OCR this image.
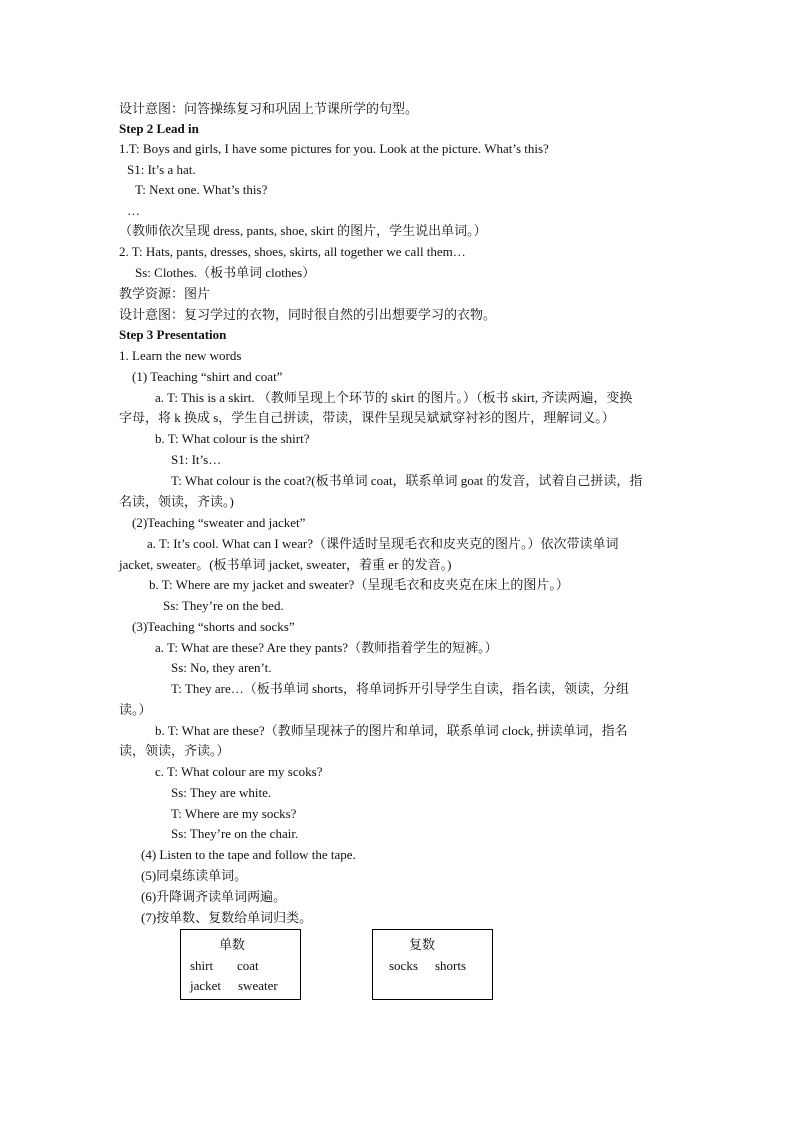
设计意图：问答操练复习和巩固上节课所学的句型。
Step 2 Lead in
1.T: Boys and girls, I have some pictures for you. Look at the picture. What’s this?
S1: It’s a hat.
T: Next one. What’s this?
…
（教师依次呈现 dress, pants, shoe, skirt 的图片，学生说出单词。）
2. T: Hats, pants, dresses, shoes, skirts, all together we call them…
Ss: Clothes.（板书单词 clothes）
教学资源：图片
设计意图：复习学过的衣物，同时很自然的引出想要学习的衣物。
Step 3 Presentation
1. Learn the new words
(1) Teaching “shirt and coat”
a. T: This is a skirt. （教师呈现上个环节的 skirt 的图片。）（板书 skirt, 齐读两遍，变换
字母，将 k 换成 s，学生自己拼读，带读，课件呈现吴斌斌穿衬衫的图片，理解词义。）
b. T: What colour is the shirt?
S1: It’s…
T: What colour is the coat?(板书单词 coat，联系单词 goat 的发音，试着自己拼读，指
名读，领读，齐读。)
(2)Teaching “sweater and jacket”
a. T: It’s cool. What can I wear?（课件适时呈现毛衣和皮夹克的图片。）依次带读单词
jacket, sweater。(板书单词 jacket, sweater，着重 er 的发音。)
b. T: Where are my jacket and sweater?（呈现毛衣和皮夹克在床上的图片。）
Ss: They’re on the bed.
(3)Teaching “shorts and socks”
a. T: What are these? Are they pants?（教师指着学生的短裤。）
Ss: No, they aren’t.
T: They are…（板书单词 shorts，将单词拆开引导学生自读，指名读，领读，分组
读。）
b. T: What are these?（教师呈现袜子的图片和单词，联系单词 clock, 拼读单词，指名
读，领读，齐读。）
c. T: What colour are my scoks?
Ss: They are white.
T: Where are my socks?
Ss: They’re on the chair.
(4) Listen to the tape and follow the tape.
(5)同桌练读单词。
(6)升降调齐读单词两遍。
(7)按单数、复数给单词归类。
单数
shirt coat
jacket sweater
复数
socks shorts
